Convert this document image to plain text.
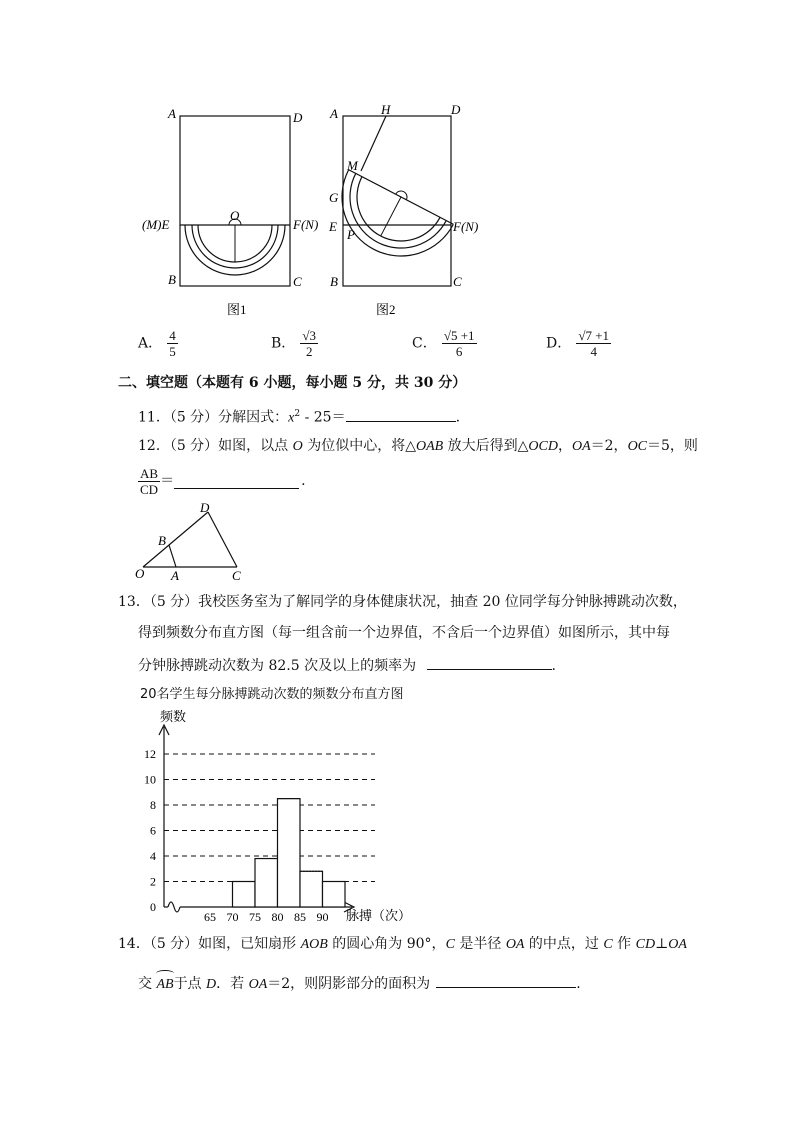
A	D
(M)E
O
F(N)
B	C
图1
A	H	D
M
G
E
P
F(N)
B	C
图2
A． $\frac{4}{5}$	B． $\frac{√3}{2}$	C． $\frac{√5 +1}{6}$	D． $\frac{√7 +1}{4}$
二、填空题（本题有 6 小题，每小题 5 分，共 30 分）
11．（5 分）分解因式：$x^2 - 25=$	.
12．（5 分）如图，以点 O 为位似中心，将△OAB 放大后得到△OCD，OA＝2，OC＝5，则
$\frac{AB}{CD}$ ＝	.
D
B
O A	C
13．（5 分）我校医务室为了解同学的身体健康状况，抽查 20 位同学每分钟脉搏跳动次数，
得到频数分布直方图（每一组含前一个边界值，不含后一个边界值）如图所示，其中每
分钟脉搏跳动次数为 82.5 次及以上的频率为	.
20名学生每分脉搏跳动次数的频数分布直方图
频数
脉搏（次）
0
2
4
6
8
10
12
65 70 75 80 85 90
14．（5 分）如图，已知扇形 AOB 的圆心角为 90°，C 是半径 OA 的中点，过 C 作 CD⊥OA
交
AB于点 D．若 OA＝2，则阴影部分的面积为	.
